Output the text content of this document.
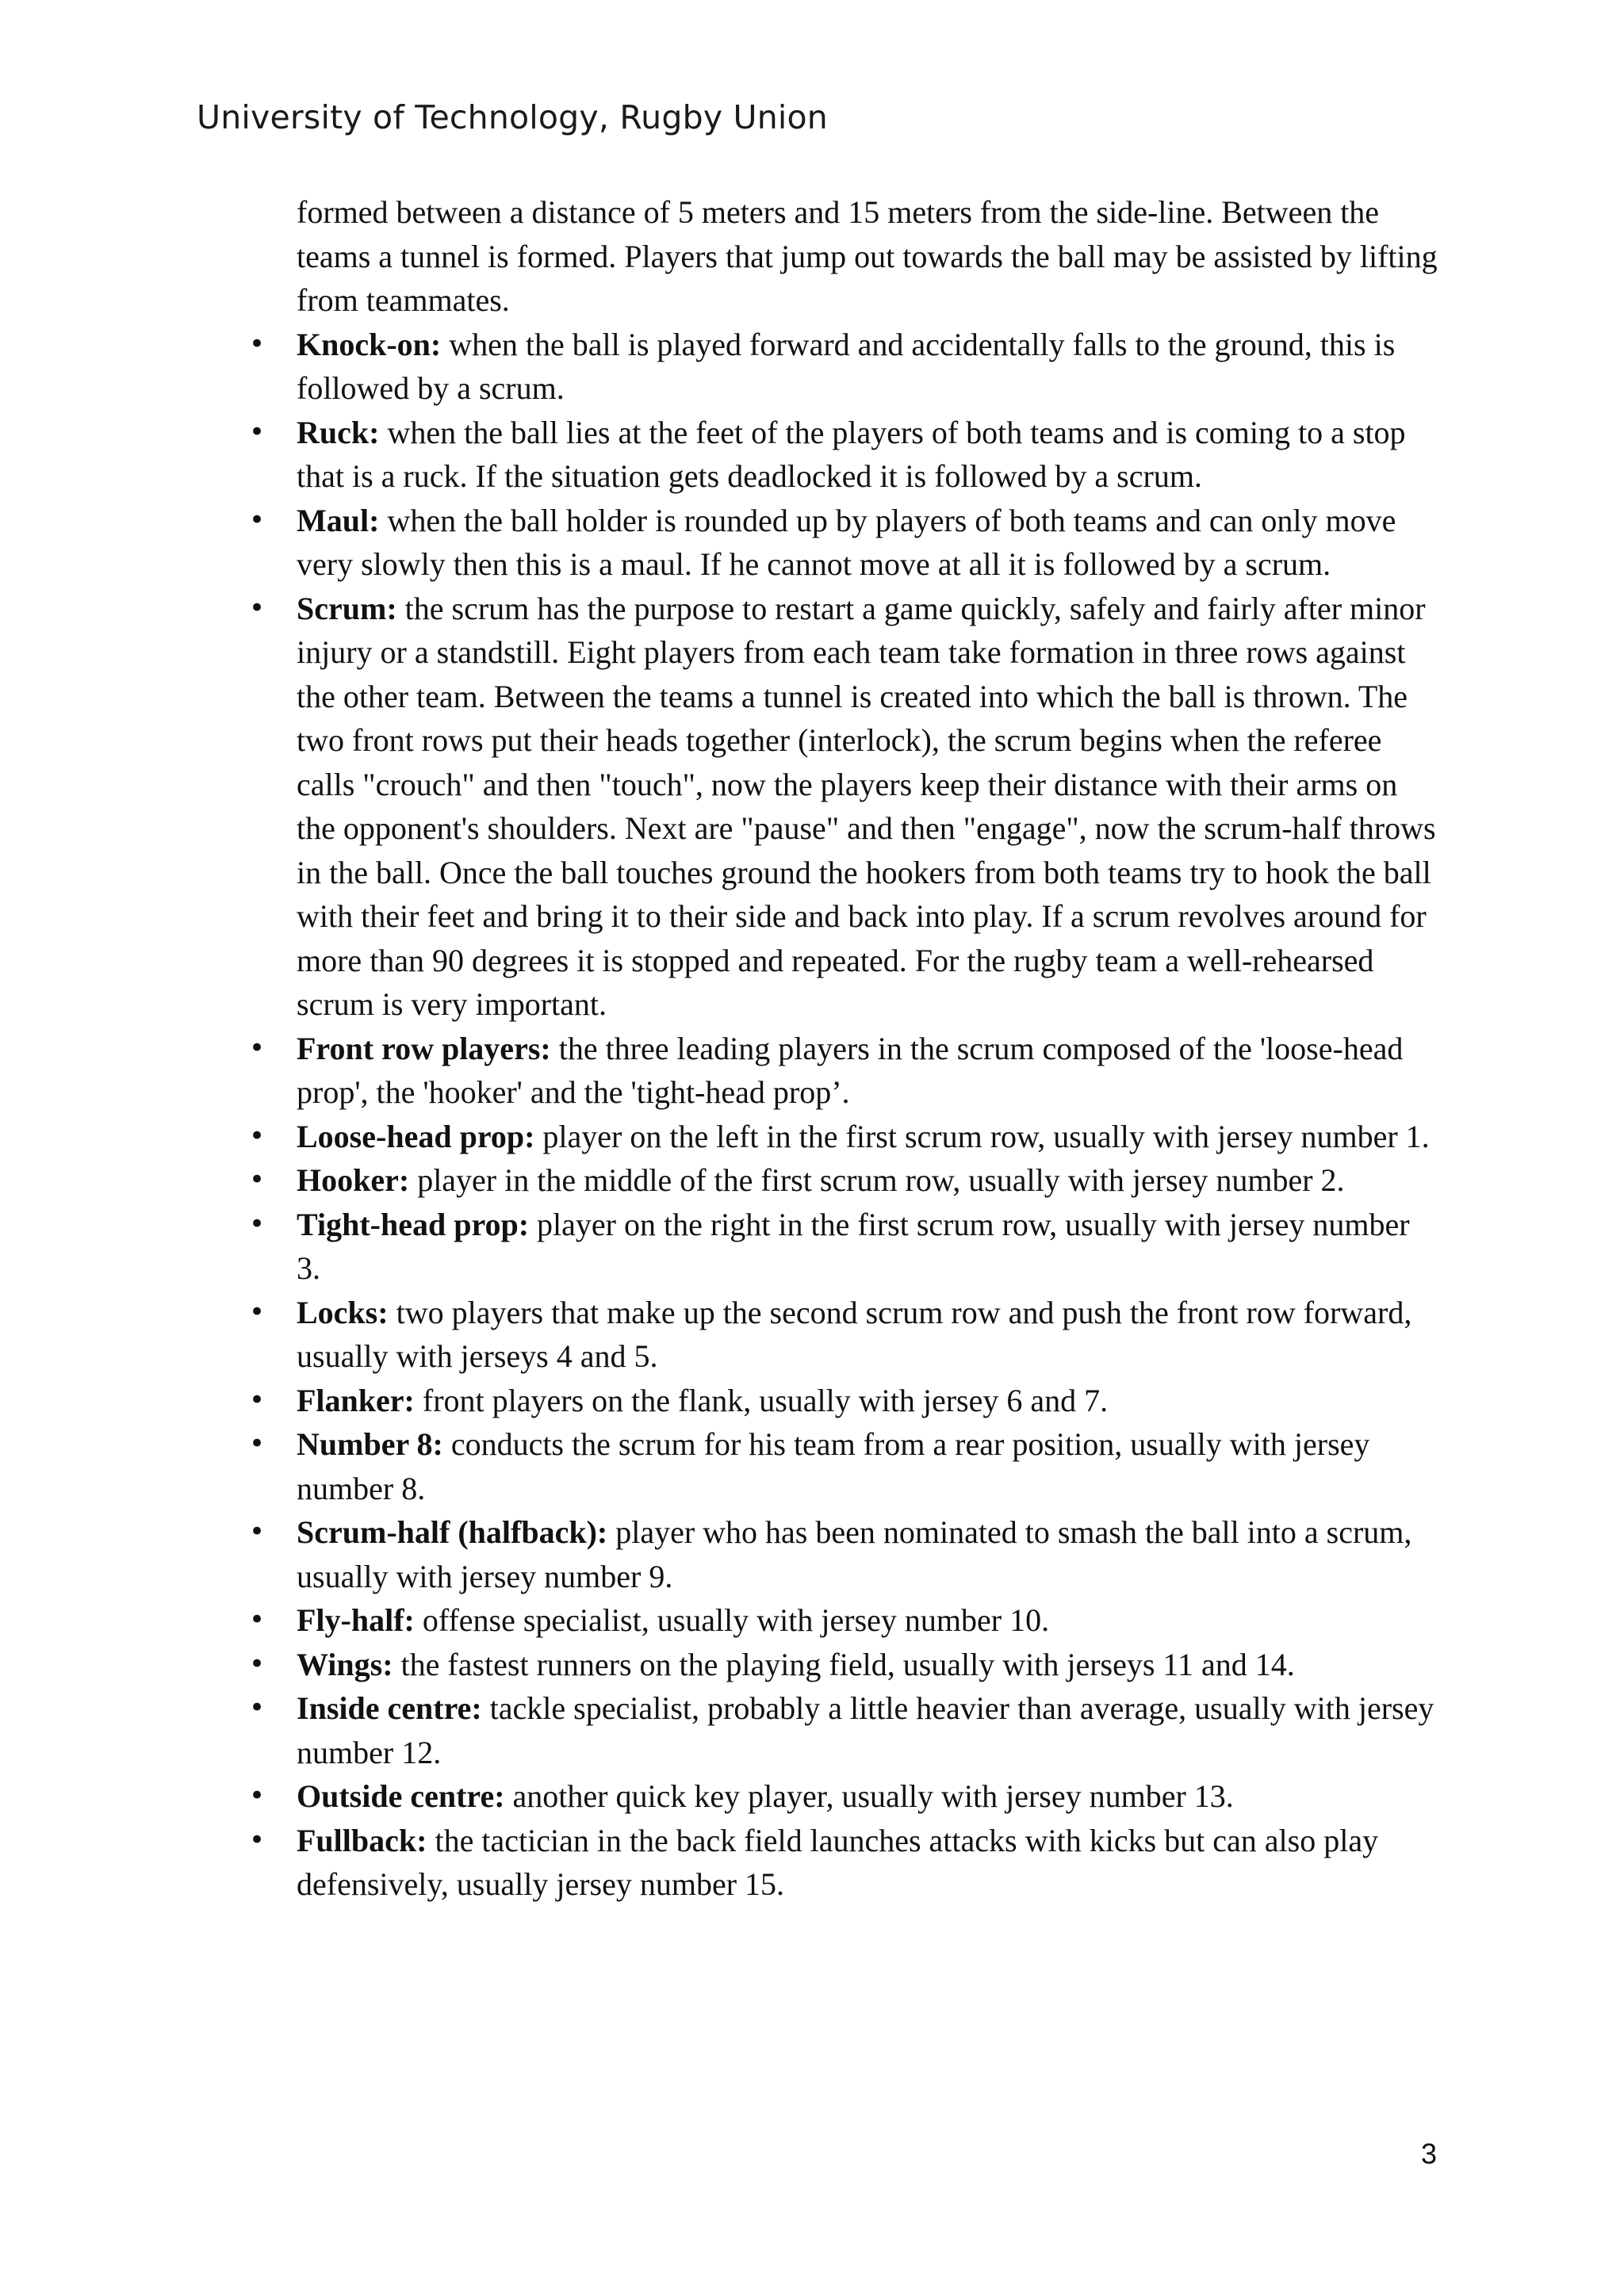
University of Technology, Rugby Union

formed between a distance of 5 meters and 15 meters from the side-line. Between the teams a tunnel is formed. Players that jump out towards the ball may be assisted by lifting from teammates.

• Knock-on: when the ball is played forward and accidentally falls to the ground, this is followed by a scrum.
• Ruck: when the ball lies at the feet of the players of both teams and is coming to a stop that is a ruck. If the situation gets deadlocked it is followed by a scrum.
• Maul: when the ball holder is rounded up by players of both teams and can only move very slowly then this is a maul. If he cannot move at all it is followed by a scrum.
• Scrum: the scrum has the purpose to restart a game quickly, safely and fairly after minor injury or a standstill. Eight players from each team take formation in three rows against the other team. Between the teams a tunnel is created into which the ball is thrown. The two front rows put their heads together (interlock), the scrum begins when the referee calls "crouch" and then "touch", now the players keep their distance with their arms on the opponent's shoulders. Next are "pause" and then "engage", now the scrum-half throws in the ball. Once the ball touches ground the hookers from both teams try to hook the ball with their feet and bring it to their side and back into play. If a scrum revolves around for more than 90 degrees it is stopped and repeated. For the rugby team a well-rehearsed scrum is very important.
• Front row players: the three leading players in the scrum composed of the 'loose-head prop', the 'hooker' and the 'tight-head prop’.
• Loose-head prop: player on the left in the first scrum row, usually with jersey number 1.
• Hooker: player in the middle of the first scrum row, usually with jersey number 2.
• Tight-head prop: player on the right in the first scrum row, usually with jersey number 3.
• Locks: two players that make up the second scrum row and push the front row forward, usually with jerseys 4 and 5.
• Flanker: front players on the flank, usually with jersey 6 and 7.
• Number 8: conducts the scrum for his team from a rear position, usually with jersey number 8.
• Scrum-half (halfback): player who has been nominated to smash the ball into a scrum, usually with jersey number 9.
• Fly-half: offense specialist, usually with jersey number 10.
• Wings: the fastest runners on the playing field, usually with jerseys 11 and 14.
• Inside centre: tackle specialist, probably a little heavier than average, usually with jersey number 12.
• Outside centre: another quick key player, usually with jersey number 13.
• Fullback: the tactician in the back field launches attacks with kicks but can also play defensively, usually jersey number 15.
3
